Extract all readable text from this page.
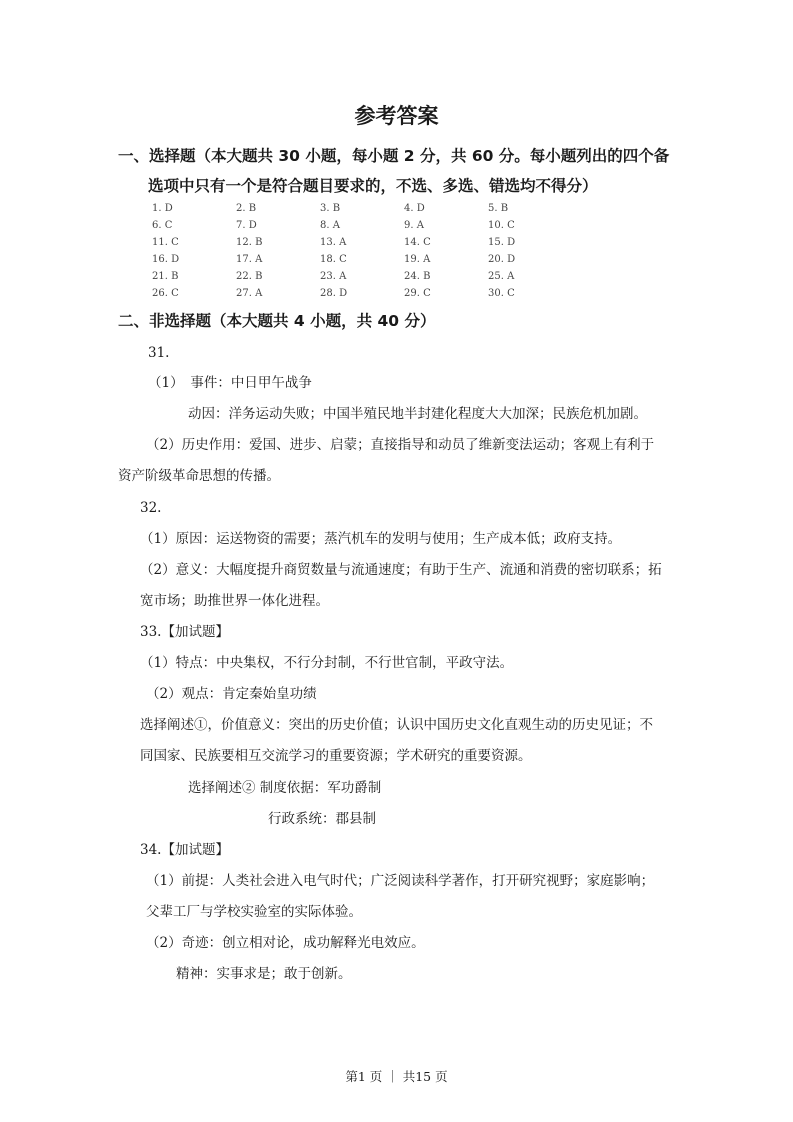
参考答案
一、选择题（本大题共 30 小题，每小题 2 分，共 60 分。每小题列出的四个备
选项中只有一个是符合题目要求的，不选、多选、错选均不得分）
1. D	2. B	3. B	4. D	5. B
6. C	7. D	8. A	9. A	10. C
11. C	12. B	13. A	14. C	15. D
16. D	17. A	18. C	19. A	20. D
21. B	22. B	23. A	24. B	25. A
26. C	27. A	28. D	29. C	30. C
二、非选择题（本大题共 4 小题，共 40 分）
31.
（1）　事件：中日甲午战争
动因：洋务运动失败；中国半殖民地半封建化程度大大加深；民族危机加剧。
（2）历史作用：爱国、进步、启蒙；直接指导和动员了维新变法运动；客观上有利于
资产阶级革命思想的传播。
32.
（1）原因：运送物资的需要；蒸汽机车的发明与使用；生产成本低；政府支持。
（2）意义：大幅度提升商贸数量与流通速度；有助于生产、流通和消费的密切联系；拓
宽市场；助推世界一体化进程。
33.【加试题】
（1）特点：中央集权，不行分封制，不行世官制，平政守法。
（2）观点：肯定秦始皇功绩
选择阐述①，价值意义：突出的历史价值；认识中国历史文化直观生动的历史见证；不
同国家、民族要相互交流学习的重要资源；学术研究的重要资源。
选择阐述② 制度依据：军功爵制
行政系统：郡县制
34.【加试题】
（1）前提：人类社会进入电气时代；广泛阅读科学著作，打开研究视野；家庭影响；
父辈工厂与学校实验室的实际体验。
（2）奇迹：创立相对论，成功解释光电效应。
精神：实事求是；敢于创新。
第1 页 ｜ 共15 页
